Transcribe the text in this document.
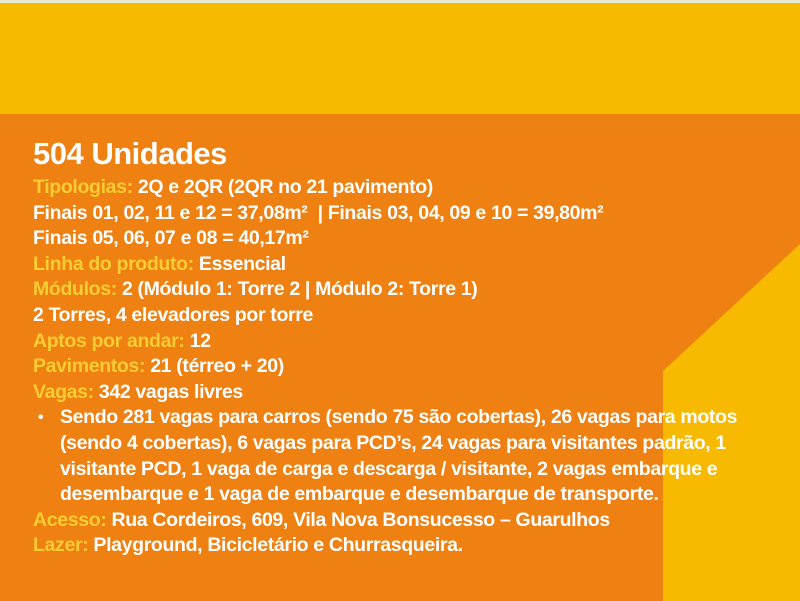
504 Unidades
Tipologias: 2Q e 2QR (2QR no 21 pavimento)
Finais 01, 02, 11 e 12 = 37,08m²  | Finais 03, 04, 09 e 10 = 39,80m²
Finais 05, 06, 07 e 08 = 40,17m²
Linha do produto: Essencial
Módulos: 2 (Módulo 1: Torre 2 | Módulo 2: Torre 1)
2 Torres, 4 elevadores por torre
Aptos por andar: 12
Pavimentos: 21 (térreo + 20)
Vagas: 342 vagas livres
• Sendo 281 vagas para carros (sendo 75 são cobertas), 26 vagas para motos (sendo 4 cobertas), 6 vagas para PCD’s, 24 vagas para visitantes padrão, 1 visitante PCD, 1 vaga de carga e descarga / visitante, 2 vagas embarque e desembarque e 1 vaga de embarque e desembarque de transporte.
Acesso: Rua Cordeiros, 609, Vila Nova Bonsucesso – Guarulhos
Lazer: Playground, Bicicletário e Churrasqueira.
